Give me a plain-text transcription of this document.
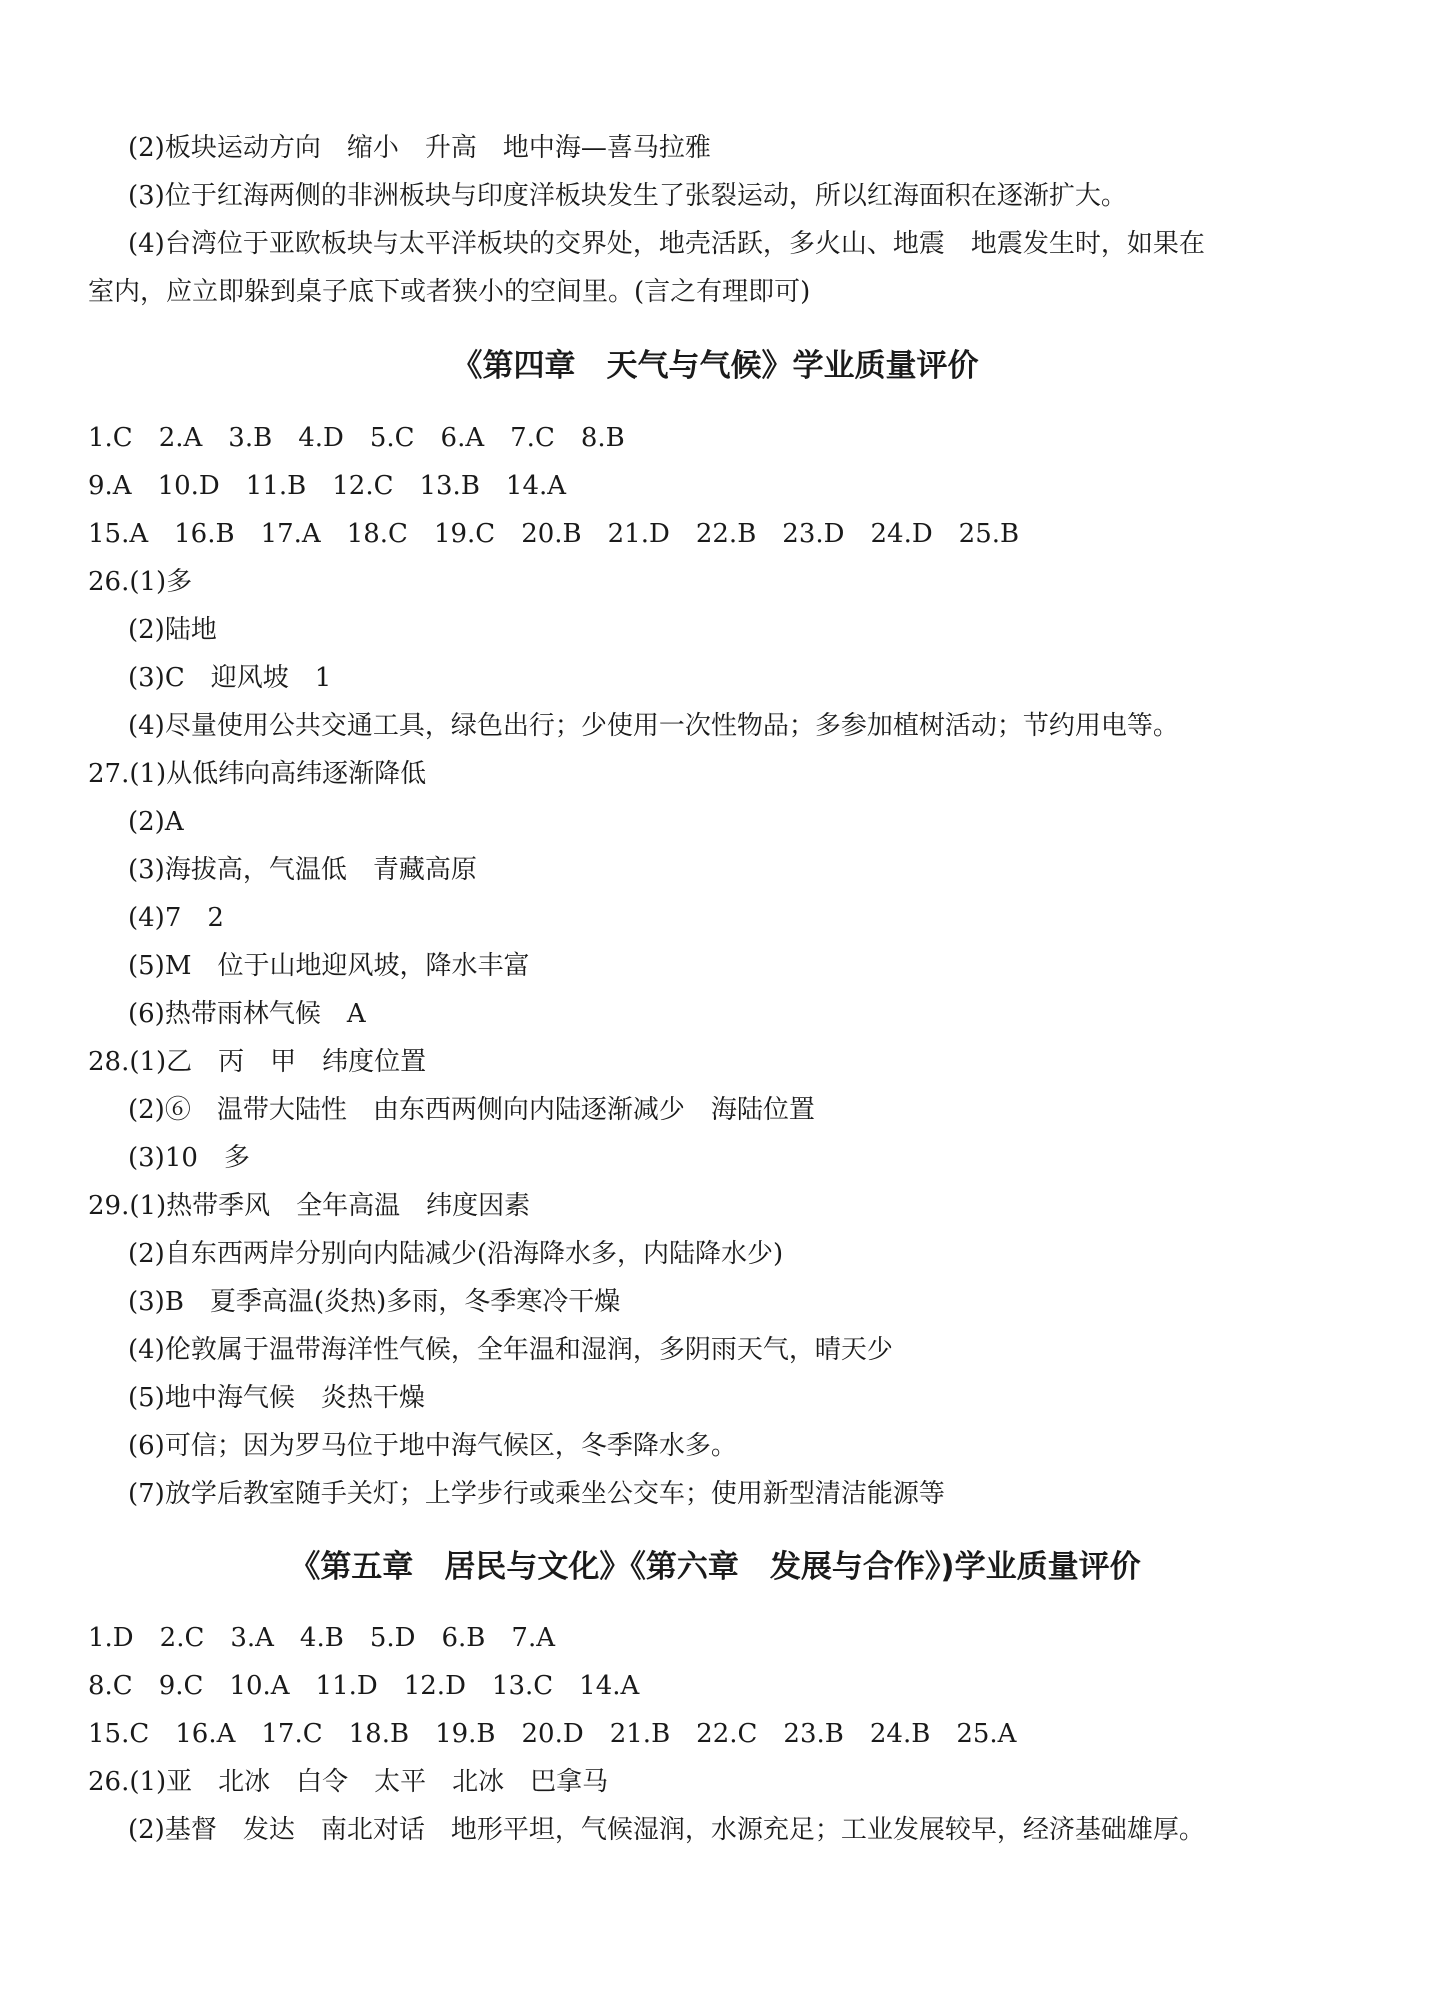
(2)板块运动方向　缩小　升高　地中海—喜马拉雅
(3)位于红海两侧的非洲板块与印度洋板块发生了张裂运动，所以红海面积在逐渐扩大。
(4)台湾位于亚欧板块与太平洋板块的交界处，地壳活跃，多火山、地震　地震发生时，如果在
室内，应立即躲到桌子底下或者狭小的空间里。(言之有理即可)
《第四章　天气与气候》学业质量评价
1.C　2.A　3.B　4.D　5.C　6.A　7.C　8.B
9.A　10.D　11.B　12.C　13.B　14.A
15.A　16.B　17.A　18.C　19.C　20.B　21.D　22.B　23.D　24.D　25.B
26.(1)多
(2)陆地
(3)C　迎风坡　1
(4)尽量使用公共交通工具，绿色出行；少使用一次性物品；多参加植树活动；节约用电等。
27.(1)从低纬向高纬逐渐降低
(2)A
(3)海拔高，气温低　青藏高原
(4)7　2
(5)M　位于山地迎风坡，降水丰富
(6)热带雨林气候　A
28.(1)乙　丙　甲　纬度位置
(2)⑥　温带大陆性　由东西两侧向内陆逐渐减少　海陆位置
(3)10　多
29.(1)热带季风　全年高温　纬度因素
(2)自东西两岸分别向内陆减少(沿海降水多，内陆降水少)
(3)B　夏季高温(炎热)多雨，冬季寒冷干燥
(4)伦敦属于温带海洋性气候，全年温和湿润，多阴雨天气，晴天少
(5)地中海气候　炎热干燥
(6)可信；因为罗马位于地中海气候区，冬季降水多。
(7)放学后教室随手关灯；上学步行或乘坐公交车；使用新型清洁能源等
《第五章　居民与文化》《第六章　发展与合作》)学业质量评价
1.D　2.C　3.A　4.B　5.D　6.B　7.A
8.C　9.C　10.A　11.D　12.D　13.C　14.A
15.C　16.A　17.C　18.B　19.B　20.D　21.B　22.C　23.B　24.B　25.A
26.(1)亚　北冰　白令　太平　北冰　巴拿马
(2)基督　发达　南北对话　地形平坦，气候湿润，水源充足；工业发展较早，经济基础雄厚。
